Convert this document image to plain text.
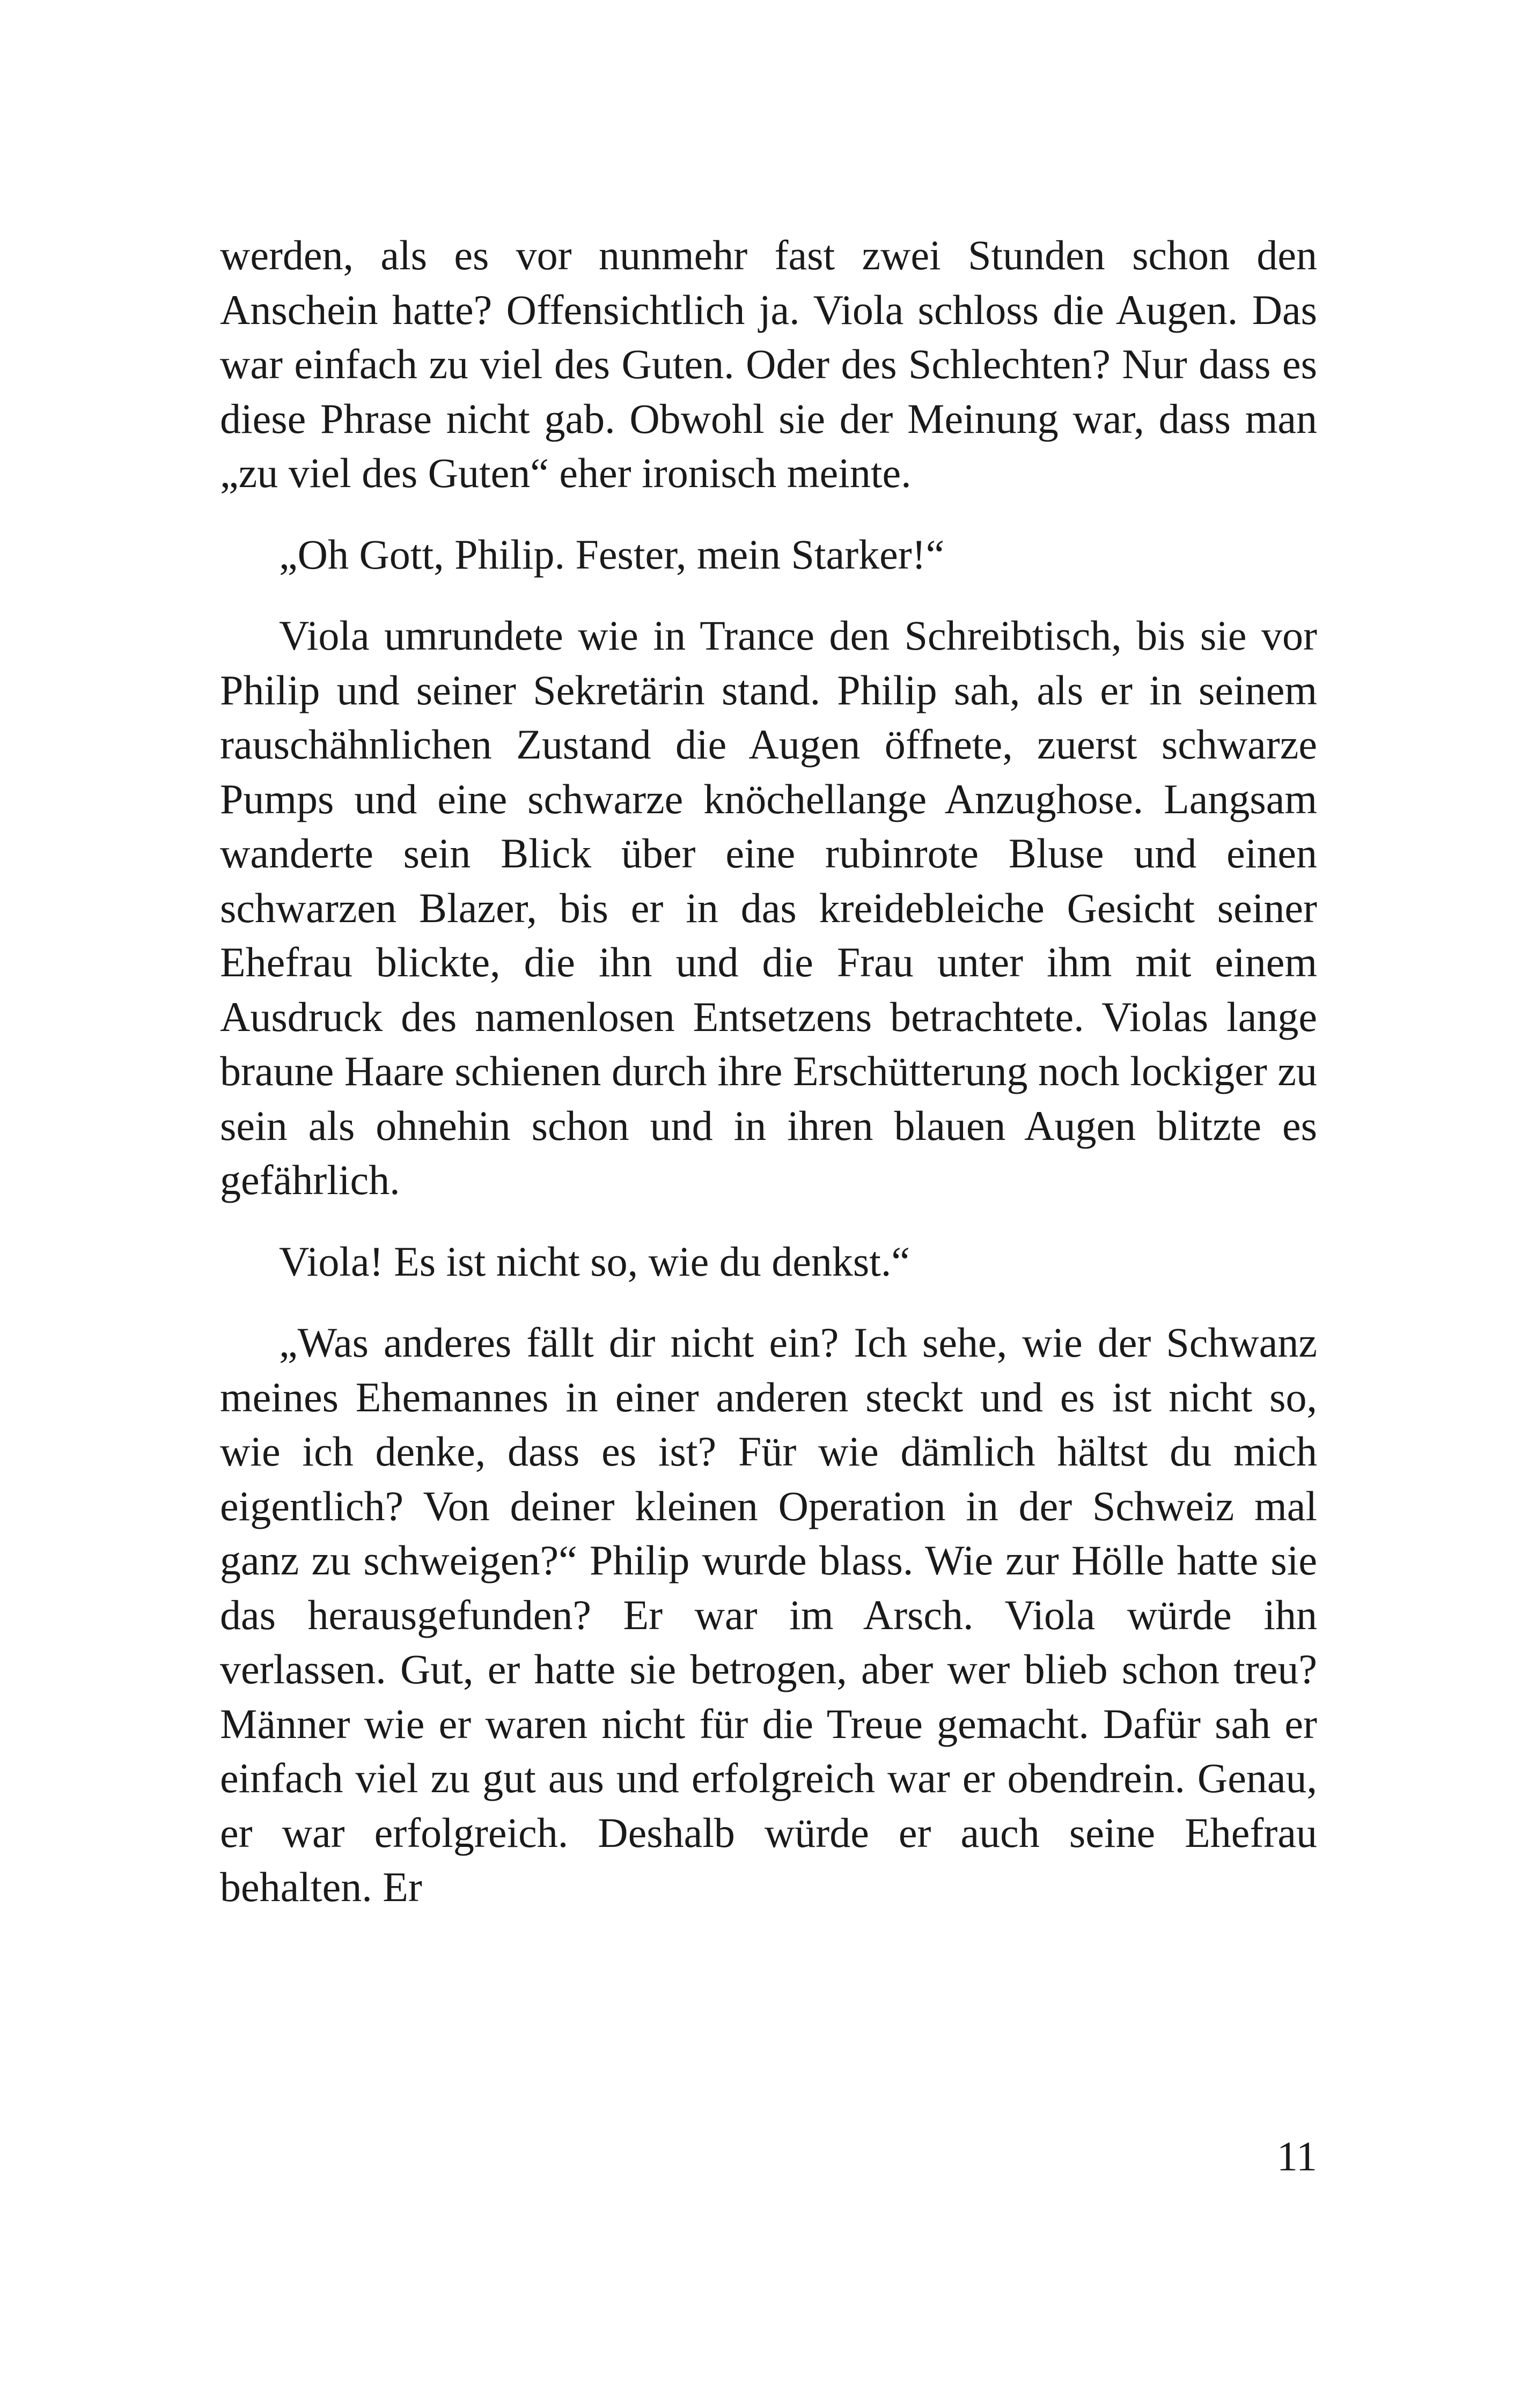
werden, als es vor nunmehr fast zwei Stunden schon den Anschein hatte? Offensichtlich ja. Viola schloss die Augen. Das war einfach zu viel des Guten. Oder des Schlechten? Nur dass es diese Phrase nicht gab. Obwohl sie der Meinung war, dass man „zu viel des Guten“ eher ironisch meinte.

„Oh Gott, Philip. Fester, mein Starker!“

Viola umrundete wie in Trance den Schreibtisch, bis sie vor Philip und seiner Sekretärin stand. Philip sah, als er in seinem rauschähnlichen Zustand die Augen öffnete, zuerst schwarze Pumps und eine schwarze knöchellange Anzughose. Langsam wanderte sein Blick über eine rubinrote Bluse und einen schwarzen Blazer, bis er in das kreidebleiche Gesicht seiner Ehefrau blickte, die ihn und die Frau unter ihm mit einem Ausdruck des namenlosen Entsetzens betrachtete. Violas lange braune Haare schienen durch ihre Erschütterung noch lockiger zu sein als ohnehin schon und in ihren blauen Augen blitzte es gefährlich.

Viola! Es ist nicht so, wie du denkst.“

„Was anderes fällt dir nicht ein? Ich sehe, wie der Schwanz meines Ehemannes in einer anderen steckt und es ist nicht so, wie ich denke, dass es ist? Für wie dämlich hältst du mich eigentlich? Von deiner kleinen Operation in der Schweiz mal ganz zu schweigen?“ Philip wurde blass. Wie zur Hölle hatte sie das herausgefunden? Er war im Arsch. Viola würde ihn verlassen. Gut, er hatte sie betrogen, aber wer blieb schon treu? Männer wie er waren nicht für die Treue gemacht. Dafür sah er einfach viel zu gut aus und erfolgreich war er obendrein. Genau, er war erfolgreich. Deshalb würde er auch seine Ehefrau behalten. Er

11
